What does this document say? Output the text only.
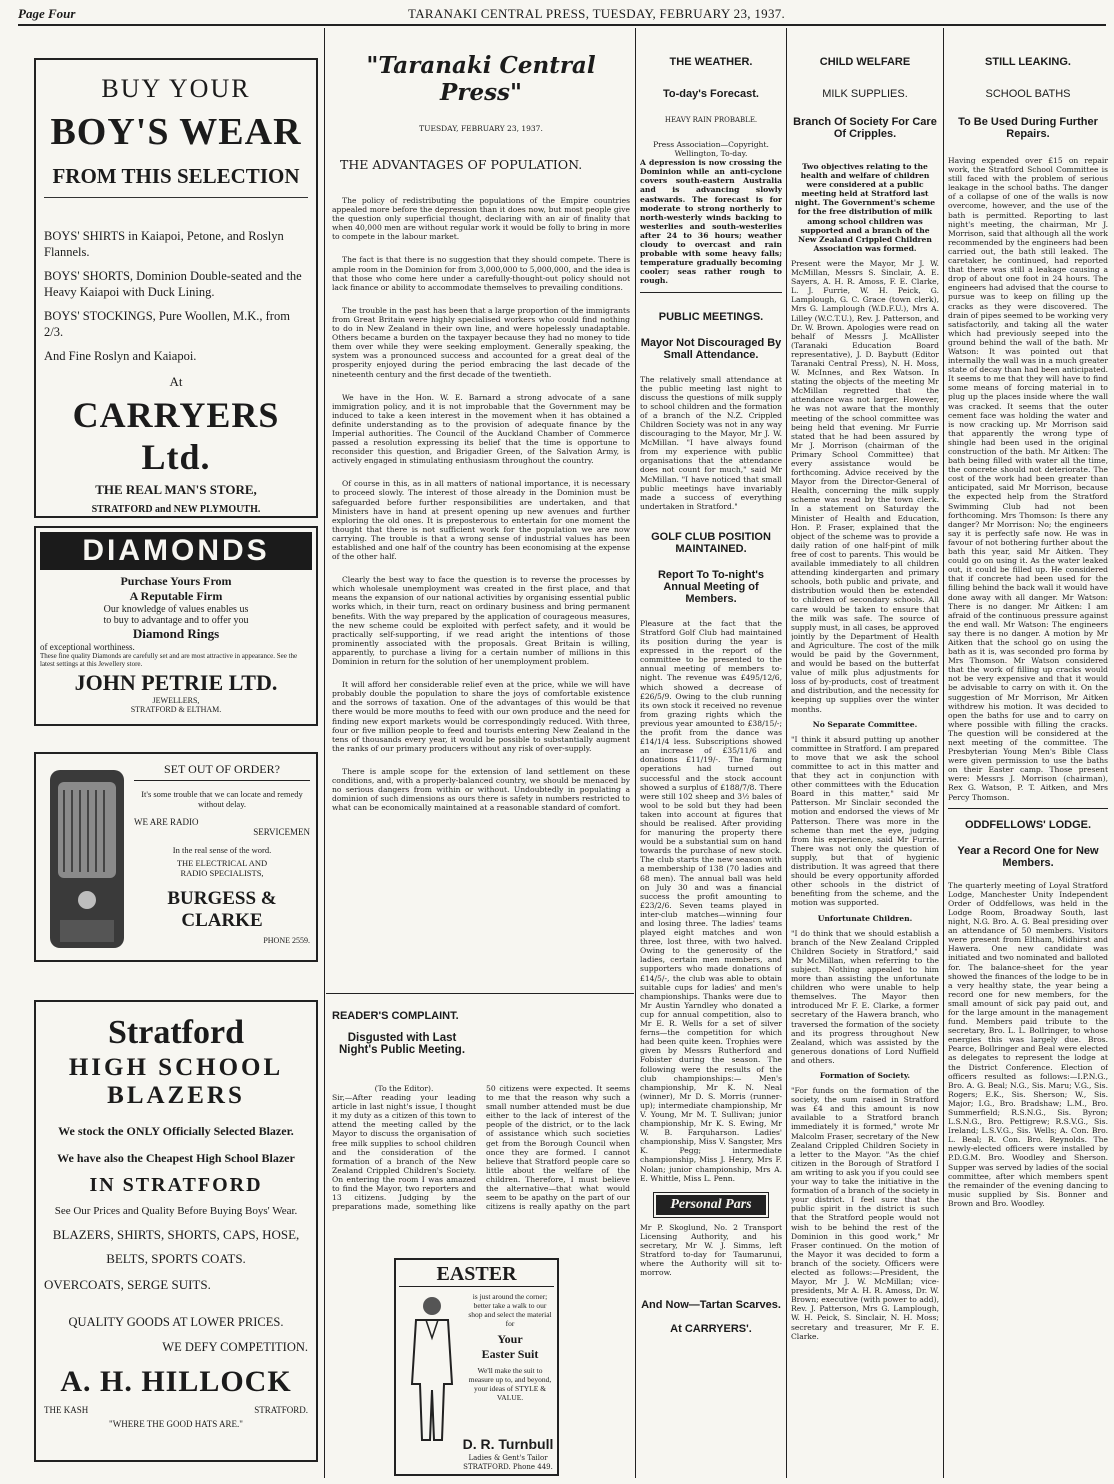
Page Four	TARANAKI CENTRAL PRESS, TUESDAY, FEBRUARY 23, 1937.
BUY YOUR
BOY'S WEAR
FROM THIS SELECTION

BOYS' SHIRTS in Kaiapoi, Petone, and Roslyn Flannels.

BOYS' SHORTS, Dominion Double-seated and the Heavy Kaiapoi with Duck Lining.

BOYS' STOCKINGS, Pure Woollen, M.K., from 2/3.

And Fine Roslyn and Kaiapoi.

At
CARRYERS Ltd.
THE REAL MAN'S STORE,
STRATFORD and NEW PLYMOUTH.
DIAMONDS
Purchase Yours From
A Reputable Firm
Our knowledge of values enables us
to buy to advantage and to offer you
Diamond Rings
of exceptional worthiness.
These fine quality Diamonds are carefully set and are most attractive in appearance. See the latest settings at this Jewellery store.
JOHN PETRIE LTD.
JEWELLERS,
STRATFORD & ELTHAM.
SET OUT OF ORDER?
It's some trouble that we can locate and remedy without delay.
WE ARE RADIO
SERVICEMEN
In the real sense of the word.
THE ELECTRICAL AND
RADIO SPECIALISTS,
BURGESS & CLARKE
PHONE 2559.
Stratford
HIGH SCHOOL
BLAZERS
We stock the ONLY Officially Selected Blazer.
We have also the Cheapest High School Blazer
IN STRATFORD
See Our Prices and Quality Before Buying Boys' Wear.
BLAZERS, SHIRTS, SHORTS, CAPS, HOSE,
BELTS, SPORTS COATS.
OVERCOATS, SERGE SUITS.
QUALITY GOODS AT LOWER PRICES.
WE DEFY COMPETITION.
A. H. HILLOCK
THE KASH	STRATFORD.
"WHERE THE GOOD HATS ARE."
"Taranaki Central Press"
TUESDAY, FEBRUARY 23, 1937.
THE ADVANTAGES OF POPULATION.

The policy of redistributing the populations of the Empire countries appealed more before the depression than it does now, but most people give the question only superficial thought, declaring with an air of finality that when 40,000 men are without regular work it would be folly to bring in more to compete in the labour market.

The fact is that there is no suggestion that they should compete. There is ample room in the Dominion for from 3,000,000 to 5,000,000, and the idea is that those who come here under a carefully-thought-out policy should not lack finance or ability to accommodate themselves to prevailing conditions.

The trouble in the past has been that a large proportion of the immigrants from Great Britain were highly specialised workers who could find nothing to do in New Zealand in their own line, and were hopelessly unadaptable. Others became a burden on the taxpayer because they had no money to tide them over while they were seeking employment. Generally speaking, the system was a pronounced success and accounted for a great deal of the prosperity enjoyed during the period embracing the last decade of the nineteenth century and the first decade of the twentieth.

We have in the Hon. W. E. Barnard a strong advocate of a sane immigration policy, and it is not improbable that the Government may be induced to take a keen interest in the movement when it has obtained a definite understanding as to the provision of adequate finance by the Imperial authorities. The Council of the Auckland Chamber of Commerce passed a resolution expressing its belief that the time is opportune to reconsider this question, and Brigadier Green, of the Salvation Army, is actively engaged in stimulating enthusiasm throughout the country.

Of course in this, as in all matters of national importance, it is necessary to proceed slowly. The interest of those already in the Dominion must be safeguarded before further responsibilities are undertaken, and that Ministers have in hand at present opening up new avenues and further exploring the old ones. It is preposterous to entertain for one moment the thought that there is not sufficient work for the population we are now carrying. The trouble is that a wrong sense of industrial values has been established and one half of the country has been economising at the expense of the other half.

Clearly the best way to face the question is to reverse the processes by which wholesale unemployment was created in the first place, and that means the expansion of our national activities by organising essential public works which, in their turn, react on ordinary business and bring permanent benefits. With the way prepared by the application of courageous measures, the new scheme could be exploited with perfect safety, and it would be practically self-supporting, if we read aright the intentions of those prominently associated with the proposals. Great Britain is willing, apparently, to purchase a living for a certain number of millions in this Dominion in return for the solution of her unemployment problem.

It will afford her considerable relief even at the price, while we will have probably double the population to share the joys of comfortable existence and the sorrows of taxation. One of the advantages of this would be that there would be more mouths to feed with our own produce and the need for finding new export markets would be correspondingly reduced. With three, four or five million people to feed and tourists entering New Zealand in the tens of thousands every year, it would be possible to substantially augment the ranks of our primary producers without any risk of over-supply.

There is ample scope for the extension of land settlement on these conditions, and, with a properly-balanced country, we should be menaced by no serious dangers from within or without. Undoubtedly in populating a dominion of such dimensions as ours there is safety in numbers restricted to what can be economically maintained at a reasonable standard of comfort.

READER'S COMPLAINT.
Disgusted with Last Night's Public Meeting.
(To the Editor).

Sir,—After reading your leading article in last night's issue, I thought it my duty as a citizen of this town to attend the meeting called by the Mayor to discuss the organisation of free milk supplies to school children and the consideration of the formation of a branch of the New Zealand Crippled Children's Society. On entering the room I was amazed to find the Mayor, two reporters and 13 citizens. Judging by the preparations made, something like 50 citizens were expected. It seems to me that the reason why such a small number attended must be due either to the lack of interest of the people of the district, or to the lack of assistance which such societies get from the Borough Council when once they are formed. I cannot believe that Stratford people care so little about the welfare of the children. Therefore, I must believe the alternative—that what would seem to be apathy on the part of our citizens is really apathy on the part

EASTER
is just around the corner; better take a walk to our shop and select the material for
Your
Easter Suit
We'll make the suit to measure up to, and beyond, your ideas of STYLE & VALUE.
D. R. Turnbull
Ladies & Gent's Tailor
STRATFORD. Phone 449.
THE WEATHER.
To-day's Forecast.
HEAVY RAIN PROBABLE.
Press Association—Copyright. Wellington, To-day.

A depression is now crossing the Dominion while an anti-cyclone covers south-eastern Australia and is advancing slowly eastwards. The forecast is for moderate to strong northerly to north-westerly winds backing to westerlies and south-westerlies after 24 to 36 hours; weather cloudy to overcast and rain probable with some heavy falls; temperature gradually becoming cooler; seas rather rough to rough.

PUBLIC MEETINGS.
Mayor Not Discouraged By Small Attendance.

The relatively small attendance at the public meeting last night to discuss the questions of milk supply to school children and the formation of a branch of the N.Z. Crippled Children Society was not in any way discouraging to the Mayor, Mr J. W. McMillan. "I have always found from my experience with public organisations that the attendance does not count for much," said Mr McMillan. "I have noticed that small public meetings have invariably made a success of everything undertaken in Stratford."

GOLF CLUB POSITION MAINTAINED.
Report To To-night's Annual Meeting of Members.

Pleasure at the fact that the Stratford Golf Club had maintained its position during the year is expressed in the report of the committee to be presented to the annual meeting of members to-night. The revenue was £495/12/6, which showed a decrease of £26/5/9. Owing to the club running its own stock it received no revenue from grazing rights which the previous year amounted to £38/15/-; the profit from the dance was £14/1/4 less. Subscriptions showed an increase of £35/11/6 and donations £11/19/-. The farming operations had turned out successful and the stock account showed a surplus of £188/7/8. There were still 102 sheep and 3½ bales of wool to be sold but they had been taken into account at figures that should be realised. After providing for manuring the property there would be a substantial sum on hand towards the purchase of new stock. The club starts the new season with a membership of 138 (70 ladies and 68 men). The annual ball was held on July 30 and was a financial success the profit amounting to £23/2/6. Seven teams played in inter-club matches—winning four and losing three. The ladies' teams played eight matches and won three, lost three, with two halved. Owing to the generosity of the ladies, certain men members, and supporters who made donations of £14/5/-, the club was able to obtain suitable cups for ladies' and men's championships. Thanks were due to Mr Austin Yarndley who donated a cup for annual competition, also to Mr E. R. Wells for a set of silver ferns—the competition for which had been quite keen. Trophies were given by Messrs Rutherford and Fobister during the season. The following were the results of the club championships:— Men's championship, Mr K. N. Neal (winner), Mr D. S. Morris (runner-up); intermediate championship, Mr V. Young, Mr M. T. Sullivan; junior championship, Mr K. S. Ewing, Mr W. B. Farquharson. Ladies' championship, Miss V. Sangster, Mrs K. Pegg; intermediate championship, Miss J. Henry, Mrs F. Nolan; junior championship, Mrs A. E. Whittle, Miss L. Penn.

Personal Pars

Mr P. Skoglund, No. 2 Transport Licensing Authority, and his secretary, Mr W. J. Simms, left Stratford to-day for Taumarunui, where the Authority will sit to-morrow.

And Now—Tartan Scarves.
At CARRYERS'.
CHILD WELFARE
MILK SUPPLIES.
Branch Of Society For Care Of Cripples.

Two objectives relating to the health and welfare of children were considered at a public meeting held at Stratford last night. The Government's scheme for the free distribution of milk among school children was supported and a branch of the New Zealand Crippled Children Association was formed.

Present were the Mayor, Mr J. W. McMillan, Messrs S. Sinclair, A. E. Sayers, A. H. R. Amoss, F. E. Clarke, L. J. Furrie, W. H. Peick, G. Lamplough, G. C. Grace (town clerk), Mrs G. Lamplough (W.D.F.U.), Mrs A. Lilley (W.C.T.U.), Rev. J. Patterson, and Dr. W. Brown. Apologies were read on behalf of Messrs J. McAllister (Taranaki Education Board representative), J. D. Baybutt (Editor Taranaki Central Press), N. H. Moss, W. McInnes, and Rex Watson. In stating the objects of the meeting Mr McMillan regretted that the attendance was not larger. However, he was not aware that the monthly meeting of the school committee was being held that evening. Mr Furrie stated that he had been assured by Mr J. Morrison (chairman of the Primary School Committee) that every assistance would be forthcoming. Advice received by the Mayor from the Director-General of Health, concerning the milk supply scheme was read by the town clerk. In a statement on Saturday the Minister of Health and Education, Hon. P. Fraser, explained that the object of the scheme was to provide a daily ration of one half-pint of milk free of cost to parents. This would be available immediately to all children attending kindergarten and primary schools, both public and private, and distribution would then be extended to children of secondary schools. All care would be taken to ensure that the milk was safe. The source of supply must, in all cases, be approved jointly by the Department of Health and Agriculture. The cost of the milk would be paid by the Government, and would be based on the butterfat value of milk plus adjustments for loss of by-products, cost of treatment and distribution, and the necessity for keeping up supplies over the winter months.

No Separate Committee.

"I think it absurd putting up another committee in Stratford. I am prepared to move that we ask the school committee to act in this matter and that they act in conjunction with other committees with the Education Board in this matter," said Mr Patterson. Mr Sinclair seconded the motion and endorsed the views of Mr Patterson. There was more in the scheme than met the eye, judging from his experience, said Mr Furrie. There was not only the question of supply, but that of hygienic distribution. It was agreed that there should be every opportunity afforded other schools in the district of benefiting from the scheme, and the motion was supported.

Unfortunate Children.

"I do think that we should establish a branch of the New Zealand Crippled Children Society in Stratford," said Mr McMillan, when referring to the subject. Nothing appealed to him more than assisting the unfortunate children who were unable to help themselves. The Mayor then introduced Mr F. E. Clarke, a former secretary of the Hawera branch, who traversed the formation of the society and its progress throughout New Zealand, which was assisted by the generous donations of Lord Nuffield and others.

Formation of Society.

"For funds on the formation of the society, the sum raised in Stratford was £4 and this amount is now available to a Stratford branch immediately it is formed," wrote Mr Malcolm Fraser, secretary of the New Zealand Crippled Children Society in a letter to the Mayor. "As the chief citizen in the Borough of Stratford I am writing to ask you if you could see your way to take the initiative in the formation of a branch of the society in your district. I feel sure that the public spirit in the district is such that the Stratford people would not wish to be behind the rest of the Dominion in this good work," Mr Fraser continued. On the motion of the Mayor it was decided to form a branch of the society. Officers were elected as follows:—President, the Mayor, Mr J. W. McMillan; vice-presidents, Mr A. H. R. Amoss, Dr. W. Brown; executive (with power to add), Rev. J. Patterson, Mrs G. Lamplough, W. H. Peick, S. Sinclair, N. H. Moss; secretary and treasurer, Mr F. E. Clarke.

STILL LEAKING.
SCHOOL BATHS
To Be Used During Further Repairs.

Having expended over £15 on repair work, the Stratford School Committee is still faced with the problem of serious leakage in the school baths. The danger of a collapse of one of the walls is now overcome, however, and the use of the bath is permitted. Reporting to last night's meeting, the chairman, Mr J. Morrison, said that although all the work recommended by the engineers had been carried out, the bath still leaked. The caretaker, he continued, had reported that there was still a leakage causing a drop of about one foot in 24 hours. The engineers had advised that the course to pursue was to keep on filling up the cracks as they were discovered. The drain of pipes seemed to be working very satisfactorily, and taking all the water which had previously seeped into the ground behind the wall of the bath. Mr Watson: It was pointed out that internally the wall was in a much greater state of decay than had been anticipated. It seems to me that they will have to find some means of forcing material in to plug up the places inside where the wall was cracked. It seems that the outer cement face was holding the water and is now cracking up. Mr Morrison said that apparently the wrong type of shingle had been used in the original construction of the bath. Mr Aitken: The bath being filled with water all the time, the concrete should not deteriorate. The cost of the work had been greater than anticipated, said Mr Morrison, because the expected help from the Stratford Swimming Club had not been forthcoming. Mrs Thomson: Is there any danger? Mr Morrison: No; the engineers say it is perfectly safe now. He was in favour of not bothering further about the bath this year, said Mr Aitken. They could go on using it. As the water leaked out, it could be filled up. He considered that if concrete had been used for the filling behind the back wall it would have done away with all danger. Mr Watson: There is no danger. Mr Aitken: I am afraid of the continuous pressure against the end wall. Mr Watson: The engineers say there is no danger. A motion by Mr Aitken that the school go on using the bath as it is, was seconded pro forma by Mrs Thomson. Mr Watson considered that the work of filling up cracks would not be very expensive and that it would be advisable to carry on with it. On the suggestion of Mr Morrison, Mr Aitken withdrew his motion. It was decided to open the baths for use and to carry on where possible with filling the cracks. The question will be considered at the next meeting of the committee. The Presbyterian Young Men's Bible Class were given permission to use the baths on their Easter camp. Those present were: Messrs J. Morrison (chairman), Rex G. Watson, P. T. Aitken, and Mrs Percy Thomson.

ODDFELLOWS' LODGE.
Year a Record One for New Members.

The quarterly meeting of Loyal Stratford Lodge, Manchester Unity Independent Order of Oddfellows, was held in the Lodge Room, Broadway South, last night, N.G. Bro. A. G. Beal presiding over an attendance of 50 members. Visitors were present from Eltham, Midhirst and Hawera. One new candidate was initiated and two nominated and balloted for. The balance-sheet for the year showed the finances of the lodge to be in a very healthy state, the year being a record one for new members, for the small amount of sick pay paid out, and for the large amount in the management fund. Members paid tribute to the secretary, Bro. L. L. Bollringer, to whose energies this was largely due. Bros. Pearce, Bollringer and Beal were elected as delegates to represent the lodge at the District Conference. Election of officers resulted as follows:—I.P.N.G., Bro. A. G. Beal; N.G., Sis. Maru; V.G., Sis. Rogers; E.K., Sis. Sherson; W., Sis. Major; I.G., Bro. Bradshaw; L.M., Bro. Summerfield; R.S.N.G., Sis. Byron; L.S.N.G., Bro. Pettigrew; R.S.V.G., Sis. Ireland; L.S.V.G., Sis. Wells; A. Con. Bro. L. Beal; R. Con. Bro. Reynolds. The newly-elected officers were installed by P.D.G.M. Bro. Woodley and Sherson. Supper was served by ladies of the social committee, after which members spent the remainder of the evening dancing to music supplied by Sis. Bonner and Brown and Bro. Woodley.
